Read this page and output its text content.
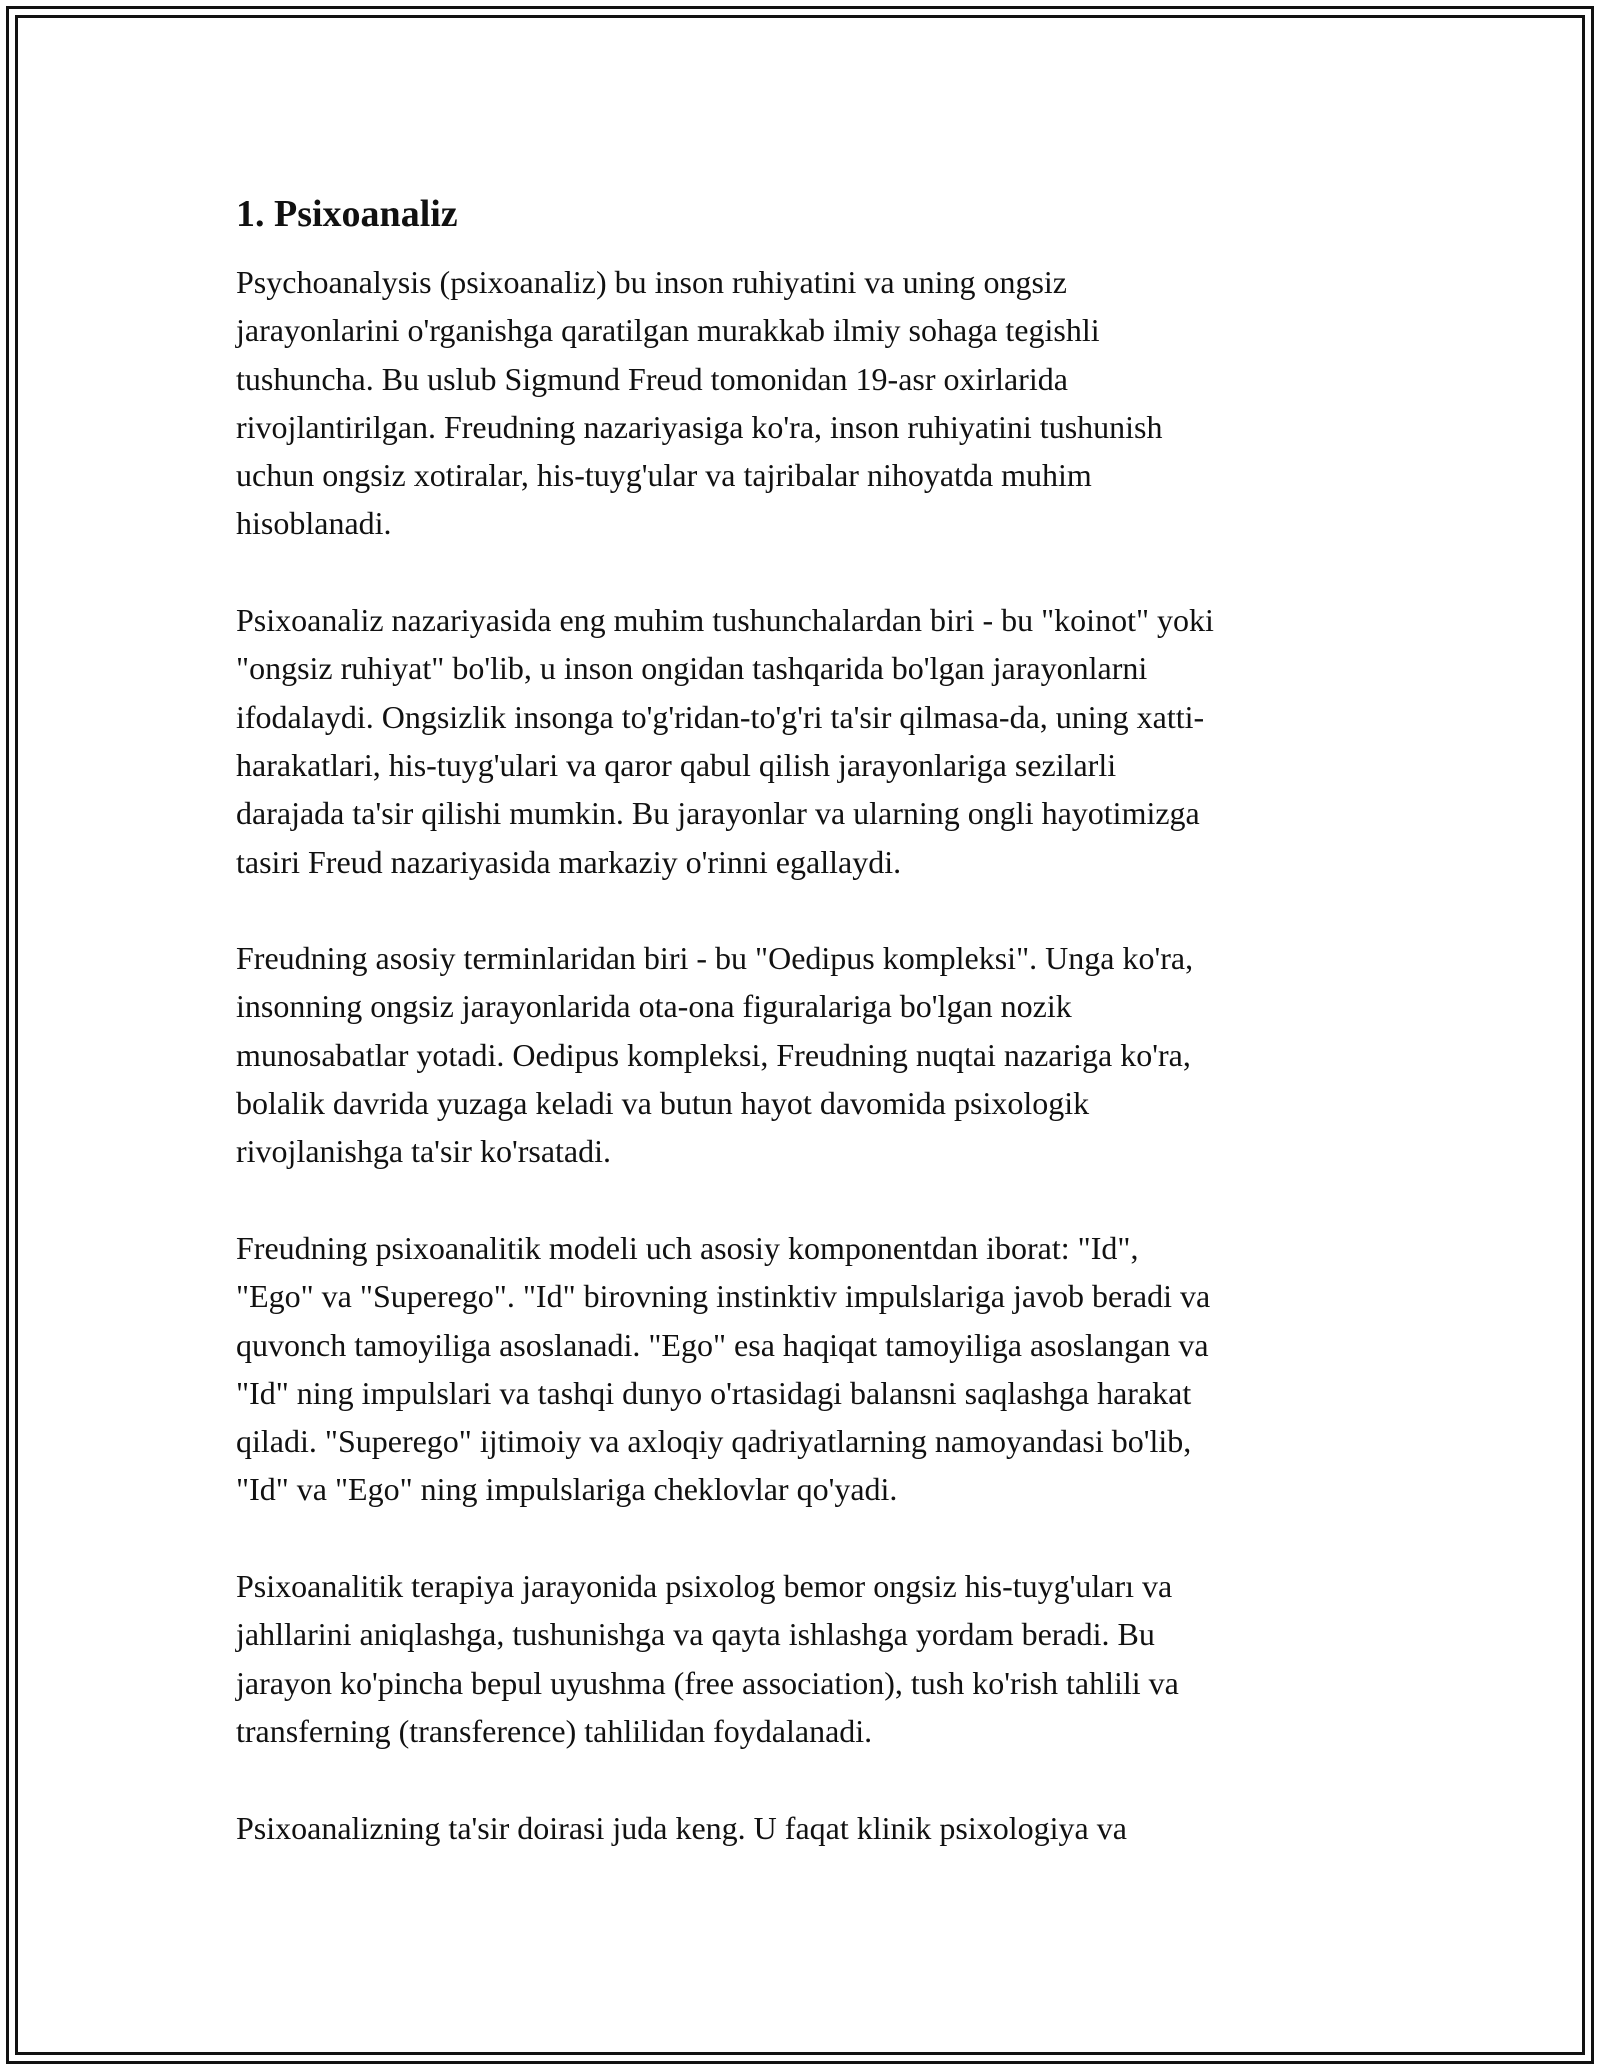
1. Psixoanaliz

Psychoanalysis (psixoanaliz) bu inson ruhiyatini va uning ongsiz
jarayonlarini o'rganishga qaratilgan murakkab ilmiy sohaga tegishli
tushuncha. Bu uslub Sigmund Freud tomonidan 19-asr oxirlarida
rivojlantirilgan. Freudning nazariyasiga ko'ra, inson ruhiyatini tushunish
uchun ongsiz xotiralar, his-tuyg'ular va tajribalar nihoyatda muhim
hisoblanadi.

Psixoanaliz nazariyasida eng muhim tushunchalardan biri - bu "koinot" yoki
"ongsiz ruhiyat" bo'lib, u inson ongidan tashqarida bo'lgan jarayonlarni
ifodalaydi. Ongsizlik insonga to'g'ridan-to'g'ri ta'sir qilmasa-da, uning xatti-
harakatlari, his-tuyg'ulari va qaror qabul qilish jarayonlariga sezilarli
darajada ta'sir qilishi mumkin. Bu jarayonlar va ularning ongli hayotimizga
tasiri Freud nazariyasida markaziy o'rinni egallaydi.

Freudning asosiy terminlaridan biri - bu "Oedipus kompleksi". Unga ko'ra,
insonning ongsiz jarayonlarida ota-ona figuralariga bo'lgan nozik
munosabatlar yotadi. Oedipus kompleksi, Freudning nuqtai nazariga ko'ra,
bolalik davrida yuzaga keladi va butun hayot davomida psixologik
rivojlanishga ta'sir ko'rsatadi.

Freudning psixoanalitik modeli uch asosiy komponentdan iborat: "Id",
"Ego" va "Superego". "Id" birovning instinktiv impulslariga javob beradi va
quvonch tamoyiliga asoslanadi. "Ego" esa haqiqat tamoyiliga asoslangan va
"Id" ning impulslari va tashqi dunyo o'rtasidagi balansni saqlashga harakat
qiladi. "Superego" ijtimoiy va axloqiy qadriyatlarning namoyandasi bo'lib,
"Id" va "Ego" ning impulslariga cheklovlar qo'yadi.

Psixoanalitik terapiya jarayonida psixolog bemor ongsiz his-tuyg'uları va
jahllarini aniqlashga, tushunishga va qayta ishlashga yordam beradi. Bu
jarayon ko'pincha bepul uyushma (free association), tush ko'rish tahlili va
transferning (transference) tahlilidan foydalanadi.

Psixoanalizning ta'sir doirasi juda keng. U faqat klinik psixologiya va
